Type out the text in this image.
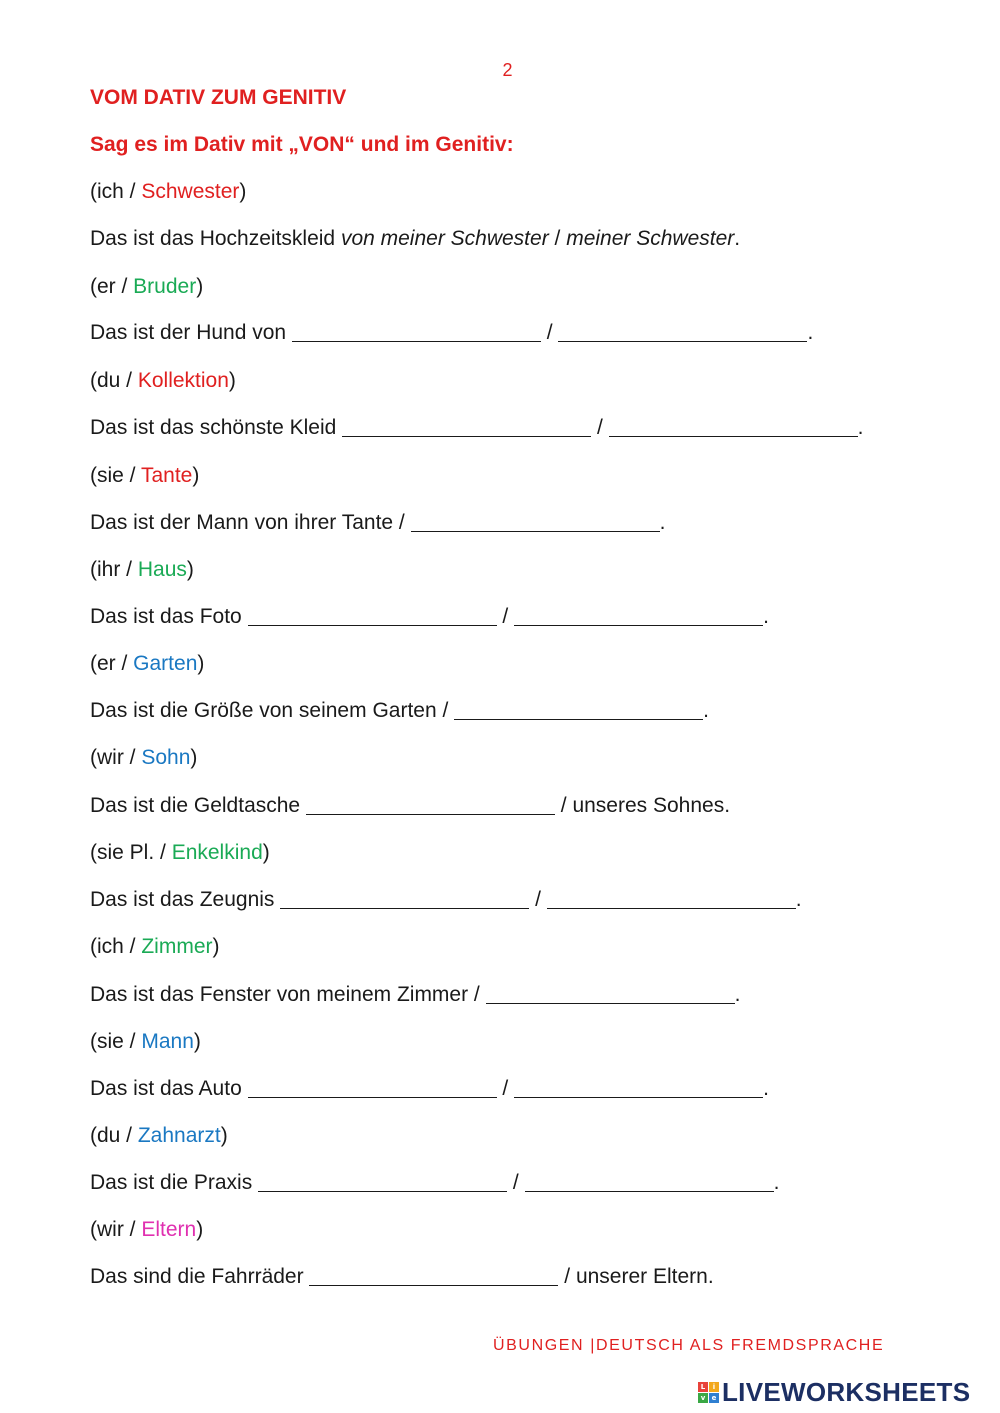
2
VOM DATIV ZUM GENITIV
Sag es im Dativ mit „VON“ und im Genitiv:
(ich / Schwester)
Das ist das Hochzeitskleid von meiner Schwester / meiner Schwester.
(er / Bruder)
Das ist der Hund von	/	.
(du / Kollektion)
Das ist das schönste Kleid	/	.
(sie / Tante)
Das ist der Mann von ihrer Tante /	.
(ihr / Haus)
Das ist das Foto	/	.
(er / Garten)
Das ist die Größe von seinem Garten /	.
(wir / Sohn)
Das ist die Geldtasche	/ unseres Sohnes.
(sie Pl. / Enkelkind)
Das ist das Zeugnis	/	.
(ich / Zimmer)
Das ist das Fenster von meinem Zimmer /	.
(sie / Mann)
Das ist das Auto	/	.
(du / Zahnarzt)
Das ist die Praxis	/	.
(wir / Eltern)
Das sind die Fahrräder	/ unserer Eltern.
ÜBUNGEN |DEUTSCH ALS FREMDSPRACHE
L	i
v e LIVEWORKSHEETS
